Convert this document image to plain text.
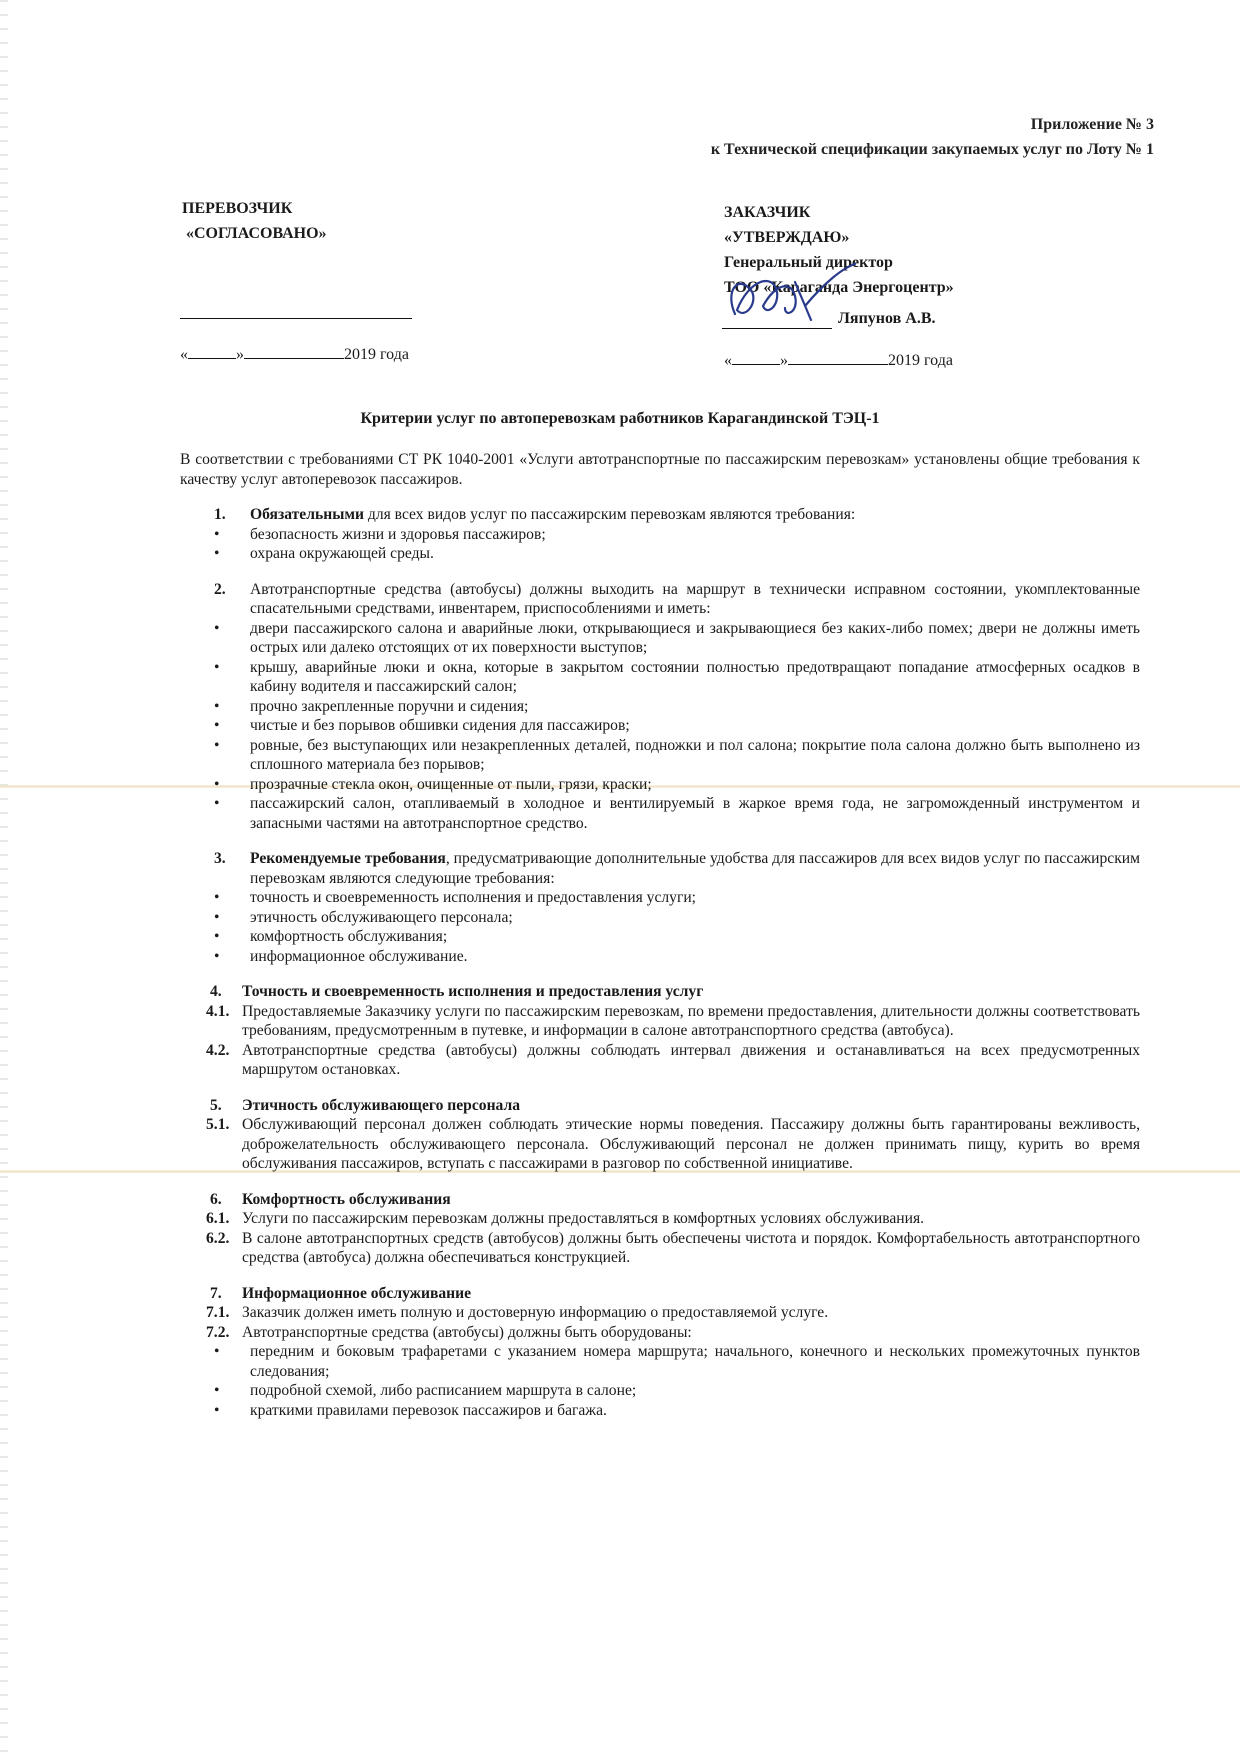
Приложение № 3
к Технической спецификации закупаемых услуг по Лоту № 1
ПЕРЕВОЗЧИК
«СОГЛАСОВАНО»
«	»	2019 года
ЗАКАЗЧИК
«УТВЕРЖДАЮ»
Генеральный директор
ТОО «Караганда Энергоцентр»
Ляпунов А.В.
«	»	2019 года
Критерии услуг по автоперевозкам работников Карагандинской ТЭЦ-1
В соответствии с требованиями СТ РК 1040-2001 «Услуги автотранспортные по пассажирским перевозкам» установлены общие требования к качеству услуг автоперевозок пассажиров.
1. Обязательными для всех видов услуг по пассажирским перевозкам являются требования:
• безопасность жизни и здоровья пассажиров;
• охрана окружающей среды.
2. Автотранспортные средства (автобусы) должны выходить на маршрут в технически исправном состоянии, укомплектованные спасательными средствами, инвентарем, приспособлениями и иметь:
• двери пассажирского салона и аварийные люки, открывающиеся и закрывающиеся без каких-либо помех; двери не должны иметь острых или далеко отстоящих от их поверхности выступов;
• крышу, аварийные люки и окна, которые в закрытом состоянии полностью предотвращают попадание атмосферных осадков в кабину водителя и пассажирский салон;
• прочно закрепленные поручни и сидения;
• чистые и без порывов обшивки сидения для пассажиров;
• ровные, без выступающих или незакрепленных деталей, подножки и пол салона; покрытие пола салона должно быть выполнено из сплошного материала без порывов;
• прозрачные стекла окон, очищенные от пыли, грязи, краски;
• пассажирский салон, отапливаемый в холодное и вентилируемый в жаркое время года, не загроможденный инструментом и запасными частями на автотранспортное средство.
3. Рекомендуемые требования, предусматривающие дополнительные удобства для пассажиров для всех видов услуг по пассажирским перевозкам являются следующие требования:
• точность и своевременность исполнения и предоставления услуги;
• этичность обслуживающего персонала;
• комфортность обслуживания;
• информационное обслуживание.
4. Точность и своевременность исполнения и предоставления услуг
4.1. Предоставляемые Заказчику услуги по пассажирским перевозкам, по времени предоставления, длительности должны соответствовать требованиям, предусмотренным в путевке, и информации в салоне автотранспортного средства (автобуса).
4.2. Автотранспортные средства (автобусы) должны соблюдать интервал движения и останавливаться на всех предусмотренных маршрутом остановках.
5. Этичность обслуживающего персонала
5.1. Обслуживающий персонал должен соблюдать этические нормы поведения. Пассажиру должны быть гарантированы вежливость, доброжелательность обслуживающего персонала. Обслуживающий персонал не должен принимать пищу, курить во время обслуживания пассажиров, вступать с пассажирами в разговор по собственной инициативе.
6. Комфортность обслуживания
6.1. Услуги по пассажирским перевозкам должны предоставляться в комфортных условиях обслуживания.
6.2. В салоне автотранспортных средств (автобусов) должны быть обеспечены чистота и порядок. Комфортабельность автотранспортного средства (автобуса) должна обеспечиваться конструкцией.
7. Информационное обслуживание
7.1. Заказчик должен иметь полную и достоверную информацию о предоставляемой услуге.
7.2. Автотранспортные средства (автобусы) должны быть оборудованы:
• передним и боковым трафаретами с указанием номера маршрута; начального, конечного и нескольких промежуточных пунктов следования;
• подробной схемой, либо расписанием маршрута в салоне;
• краткими правилами перевозок пассажиров и багажа.
